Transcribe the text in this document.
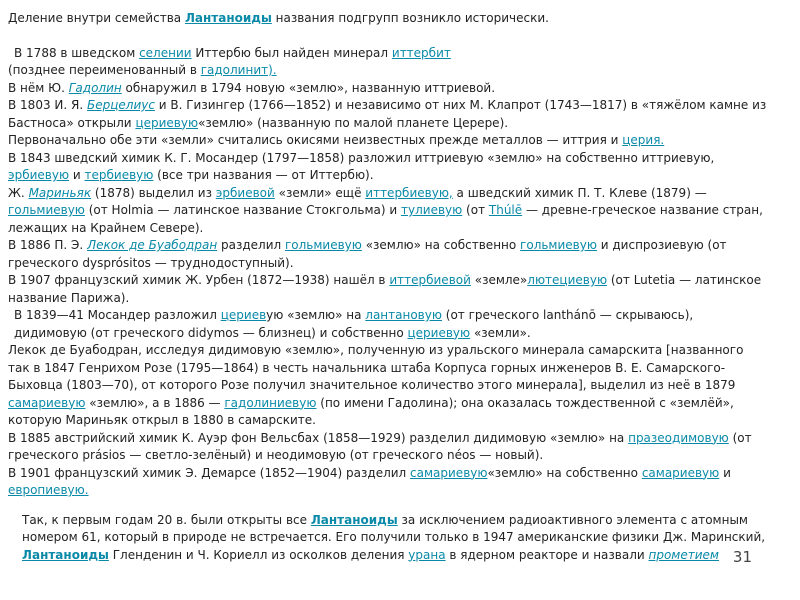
Деление внутри семейства Лантаноиды названия подгрупп возникло исторически.

В 1788 в шведском селении Иттербю был найден минерал иттербит

(позднее переименованный в гадолинит).

В нём Ю. Гадолин обнаружил в 1794 новую «землю», названную иттриевой.

В 1803 И. Я. Берцелиус и В. Гизингер (1766—1852) и независимо от них М. Клапрот (1743—1817) в «тяжёлом камне из Бастноса» открыли цериевую«землю» (названную по малой планете Церере).

Первоначально обе эти «земли» считались окисями неизвестных прежде металлов — иттрия и церия.

В 1843 шведский химик К. Г. Мосандер (1797—1858) разложил иттриевую «землю» на собственно иттриевую, эрбиевую и тербиевую (все три названия — от Иттербю).

Ж. Мариньяк (1878) выделил из эрбиевой «земли» ещё иттербиевую, а шведский химик П. Т. Клеве (1879) — гольмиевую (от Holmia — латинское название Стокгольма) и тулиевую (от Thúlē — древне-греческое название стран, лежащих на Крайнем Севере).

В 1886 П. Э. Лекок де Буабодран разделил гольмиевую «землю» на собственно гольмиевую и диспрозиевую (от греческого dysprósitos — труднодоступный).

В 1907 французский химик Ж. Урбен (1872—1938) нашёл в иттербиевой «земле»лютециевую (от Lutetia — латинское название Парижа).

В 1839—41 Мосандер разложил цериевую «землю» на лантановую (от греческого lanthánō — скрываюсь), дидимовую (от греческого didymos — близнец) и собственно цериевую «земли».

Лекок де Буабодран, исследуя дидимовую «землю», полученную из уральского минерала самарскита [названного так в 1847 Генрихом Розе (1795—1864) в честь начальника штаба Корпуса горных инженеров В. Е. Самарского-Быховца (1803—70), от которого Розе получил значительное количество этого минерала], выделил из неё в 1879 самариевую «землю», а в 1886 — гадолиниевую (по имени Гадолина); она оказалась тождественной с «землёй», которую Мариньяк открыл в 1880 в самарските.

В 1885 австрийский химик К. Ауэр фон Вельсбах (1858—1929) разделил дидимовую «землю» на празеодимовую (от греческого prásios — светло-зелёный) и неодимовую (от греческого néos — новый).

В 1901 французский химик Э. Демарсе (1852—1904) разделил самариевую«землю» на собственно самариевую и европиевую.

Так, к первым годам 20 в. были открыты все Лантаноиды за исключением радиоактивного элемента с атомным номером 61, который в природе не встречается. Его получили только в 1947 американские физики Дж. Маринский, Лантаноиды Гленденин и Ч. Кориелл из осколков деления урана в ядерном реакторе и назвали прометием 31
